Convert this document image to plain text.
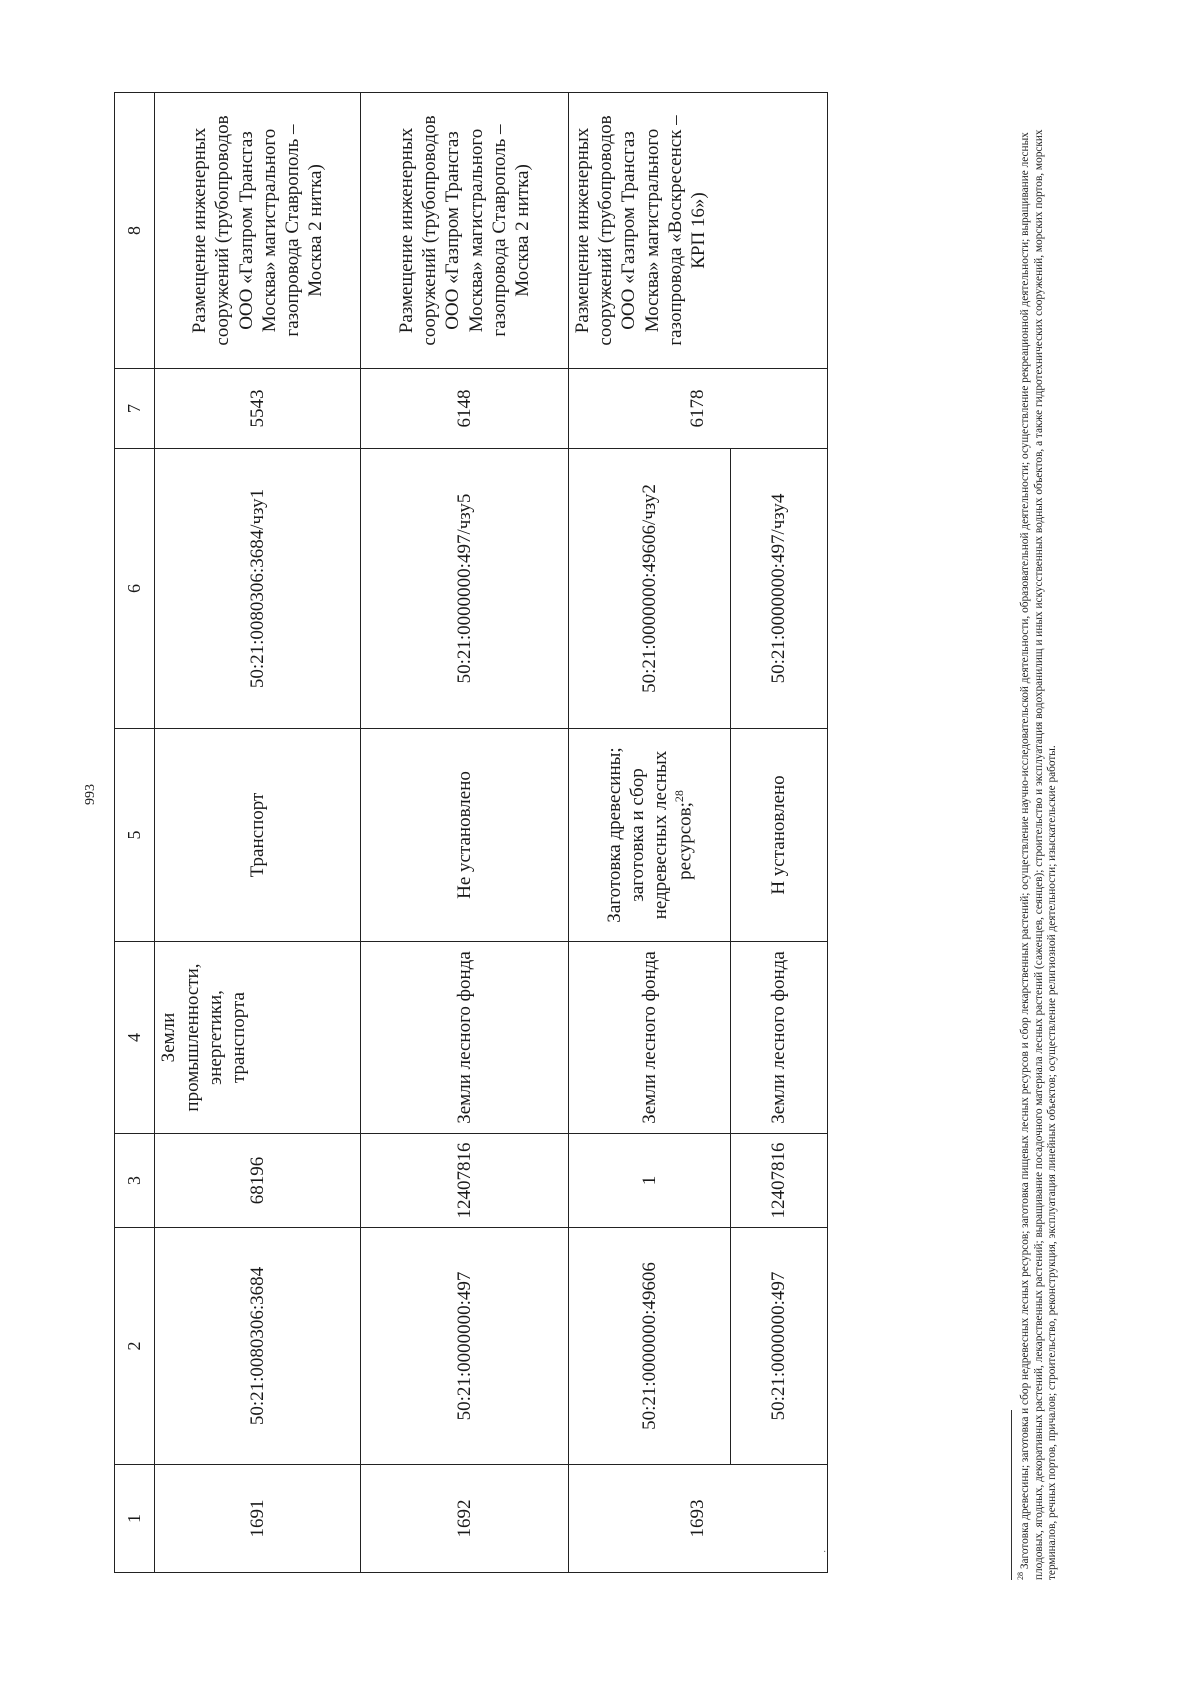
993
1	2	3	4	5	6	7	8
1691	50:21:0080306:3684	68196	Земли промышленности, энергетики, транспорта	Транспорт	50:21:0080306:3684/чзу1	5543	Размещение инженерных сооружений (трубопроводов ООО «Газпром Трансгаз Москва» магистрального газопровода Ставрополь – Москва 2 нитка)
1692	50:21:0000000:497	12407816	Земли лесного фонда	Не установлено	50:21:0000000:497/чзу5	6148	Размещение инженерных сооружений (трубопроводов ООО «Газпром Трансгаз Москва» магистрального газопровода Ставрополь – Москва 2 нитка)
1693	50:21:0000000:49606	1	Земли лесного фонда	Заготовка древесины; заготовка и сбор недревесных лесных ресурсов;$^{28}$	50:21:0000000:49606/чзу2	6178	Размещение инженерных сооружений (трубопроводов ООО «Газпром Трансгаз Москва» магистрального газопровода «Воскресенск – КРП 16»)
	50:21:0000000:497	12407816	Земли лесного фонда	Н установлено	50:21:0000000:497/чзу4		
$^{28}$ Заготовка древесины; заготовка и сбор недревесных лесных ресурсов; заготовка пищевых лесных ресурсов и сбор лекарственных растений; осуществление научно-исследовательской деятельности, образовательной деятельности; осуществление рекреационной деятельности; выращивание лесных плодовых, ягодных, декоративных растений, лекарственных растений; выращивание посадочного материала лесных растений (саженцев, сеянцев); строительство и эксплуатация водохранилищ и иных искусственных водных объектов, а также гидротехнических сооружений, морских портов, морских терминалов, речных портов, причалов; строительство, реконструкция, эксплуатация линейных объектов; осуществление религиозной деятельности; изыскательские работы.
·
